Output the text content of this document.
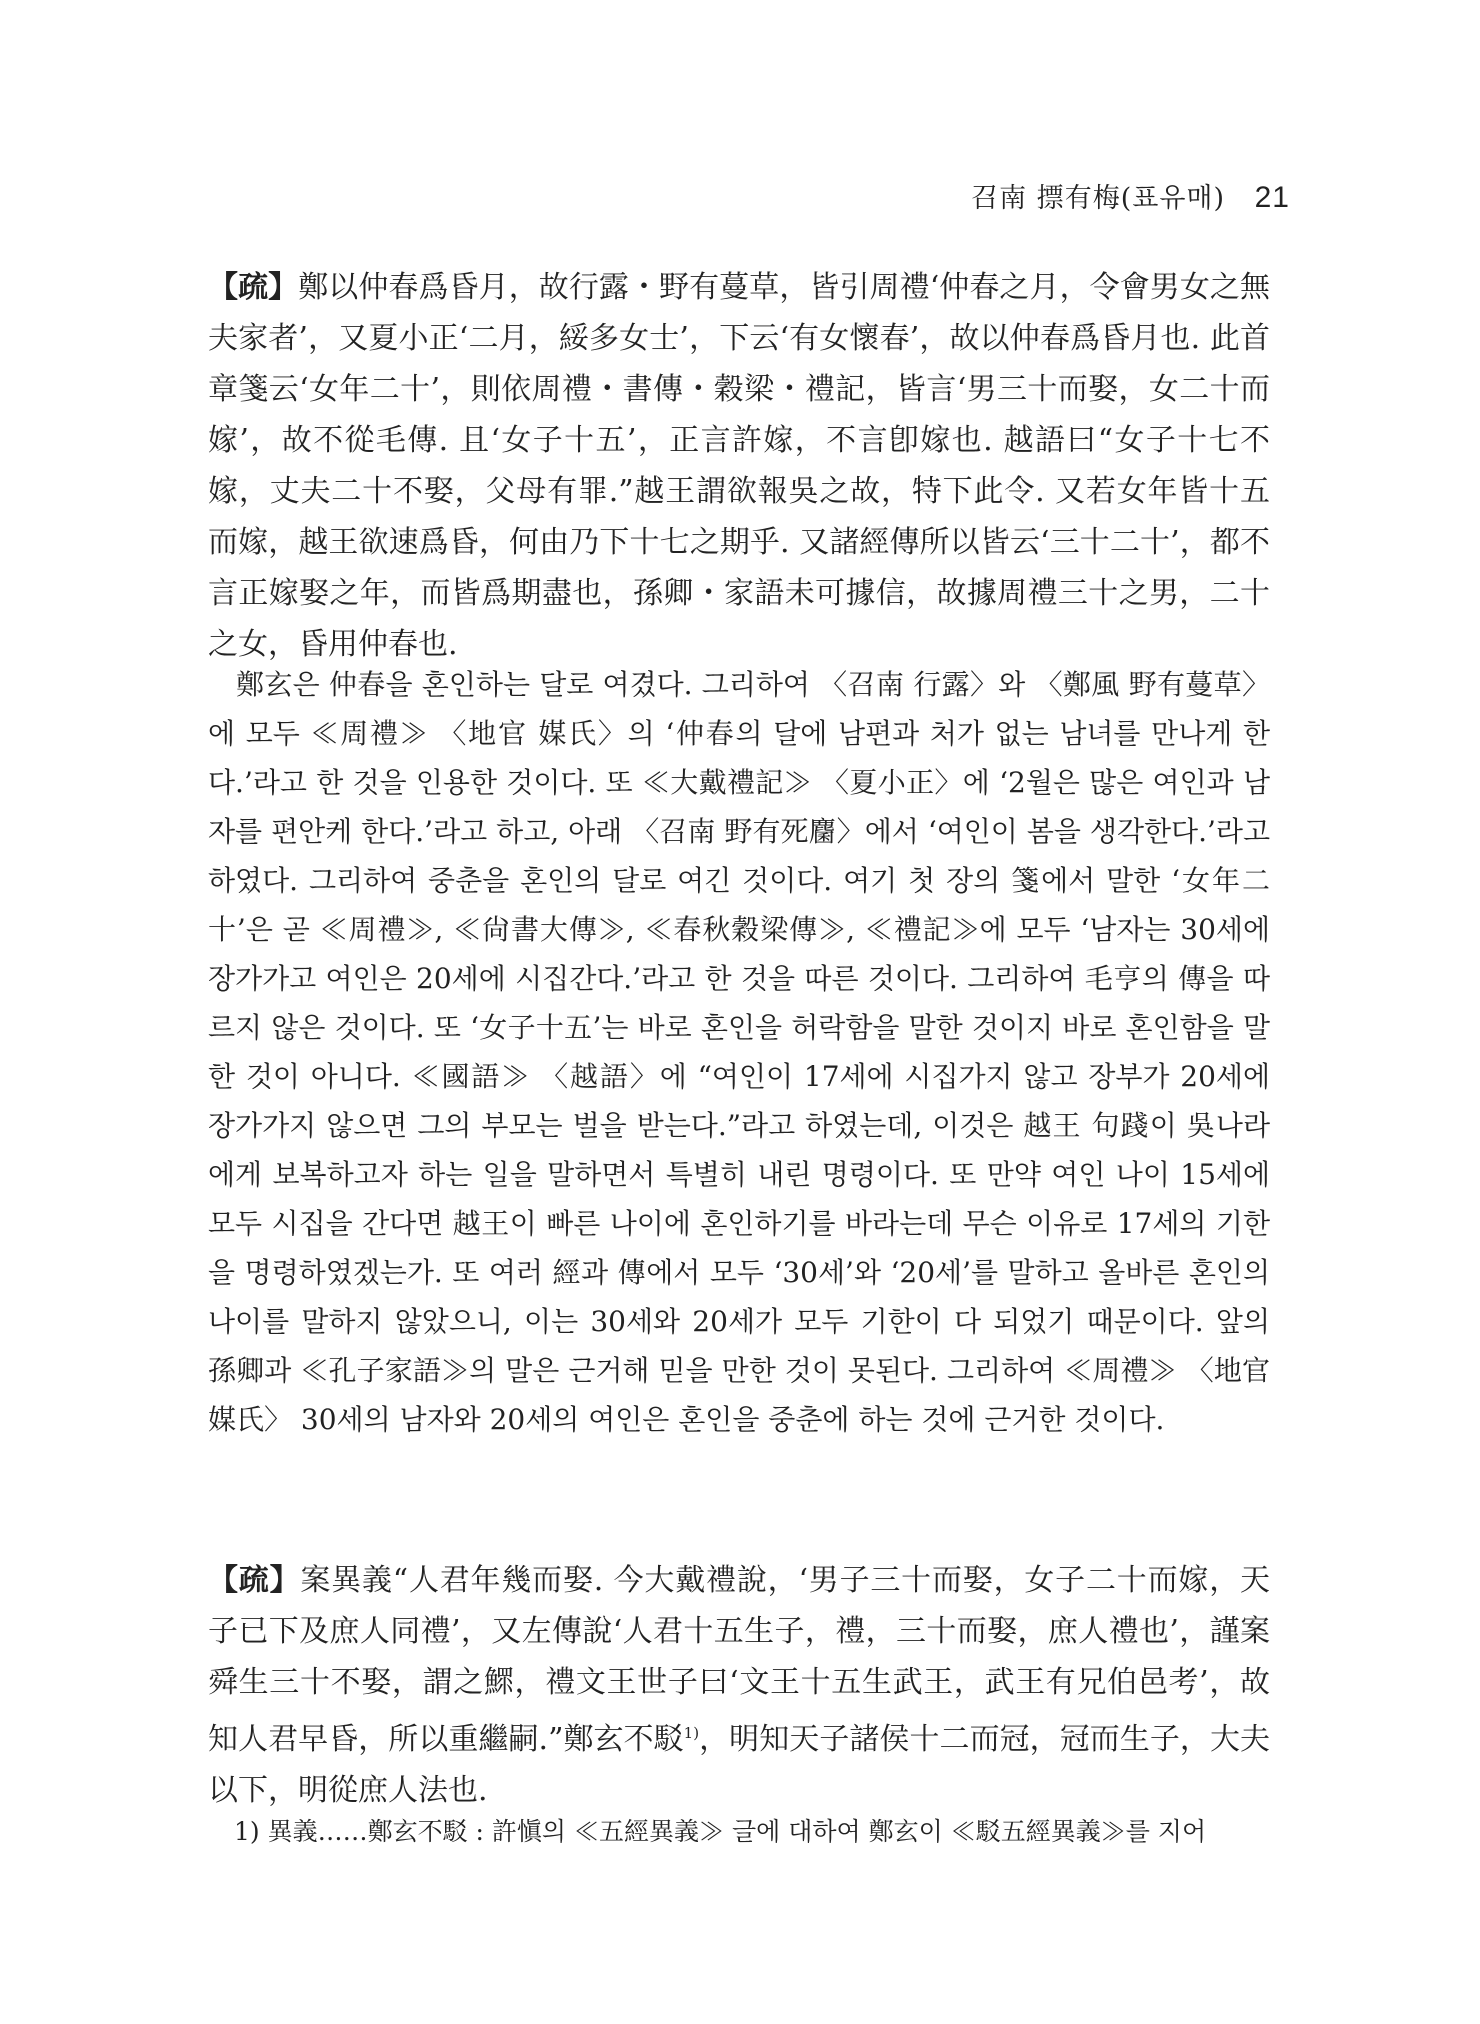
召南 摽有梅(표유매) 21

【疏】鄭以仲春爲昏月，故行露・野有蔓草，皆引周禮‘仲春之月，令會男女之無夫家者’，又夏小正‘二月，綏多女士’，下云‘有女懷春’，故以仲春爲昏月也. 此首章箋云‘女年二十’，則依周禮・書傳・穀梁・禮記，皆言‘男三十而娶，女二十而嫁’，故不從毛傳. 且‘女子十五’，正言許嫁，不言卽嫁也. 越語曰“女子十七不嫁，丈夫二十不娶，父母有罪.”越王謂欲報吳之故，特下此令. 又若女年皆十五而嫁，越王欲速爲昏，何由乃下十七之期乎. 又諸經傳所以皆云‘三十二十’，都不言正嫁娶之年，而皆爲期盡也，孫卿・家語未可據信，故據周禮三十之男，二十之女，昏用仲春也.

鄭玄은 仲春을 혼인하는 달로 여겼다. 그리하여 〈召南 行露〉와 〈鄭風 野有蔓草〉에 모두 ≪周禮≫ 〈地官 媒氏〉의 ‘仲春의 달에 남편과 처가 없는 남녀를 만나게 한다.’라고 한 것을 인용한 것이다. 또 ≪大戴禮記≫ 〈夏小正〉에 ‘2월은 많은 여인과 남자를 편안케 한다.’라고 하고, 아래 〈召南 野有死麕〉에서 ‘여인이 봄을 생각한다.’라고 하였다. 그리하여 중춘을 혼인의 달로 여긴 것이다. 여기 첫 장의 箋에서 말한 ‘女年二十’은 곧 ≪周禮≫, ≪尙書大傳≫, ≪春秋穀梁傳≫, ≪禮記≫에 모두 ‘남자는 30세에 장가가고 여인은 20세에 시집간다.’라고 한 것을 따른 것이다. 그리하여 毛亨의 傳을 따르지 않은 것이다. 또 ‘女子十五’는 바로 혼인을 허락함을 말한 것이지 바로 혼인함을 말한 것이 아니다. ≪國語≫ 〈越語〉에 “여인이 17세에 시집가지 않고 장부가 20세에 장가가지 않으면 그의 부모는 벌을 받는다.”라고 하였는데, 이것은 越王 句踐이 吳나라에게 보복하고자 하는 일을 말하면서 특별히 내린 명령이다. 또 만약 여인 나이 15세에 모두 시집을 간다면 越王이 빠른 나이에 혼인하기를 바라는데 무슨 이유로 17세의 기한을 명령하였겠는가. 또 여러 經과 傳에서 모두 ‘30세’와 ‘20세’를 말하고 올바른 혼인의 나이를 말하지 않았으니, 이는 30세와 20세가 모두 기한이 다 되었기 때문이다. 앞의 孫卿과 ≪孔子家語≫의 말은 근거해 믿을 만한 것이 못된다. 그리하여 ≪周禮≫ 〈地官 媒氏〉 30세의 남자와 20세의 여인은 혼인을 중춘에 하는 것에 근거한 것이다.

【疏】案異義“人君年幾而娶. 今大戴禮說，‘男子三十而娶，女子二十而嫁，天子已下及庶人同禮’，又左傳說‘人君十五生子，禮，三十而娶，庶人禮也’，謹案舜生三十不娶，謂之鰥，禮文王世子曰‘文王十五生武王，武王有兄伯邑考’，故知人君早昏，所以重繼嗣.”鄭玄不駁$^{1)}$，明知天子諸侯十二而冠，冠而生子，大夫以下，明從庶人法也.

1) 異義……鄭玄不駁 : 許愼의 ≪五經異義≫ 글에 대하여 鄭玄이 ≪駁五經異義≫를 지어
